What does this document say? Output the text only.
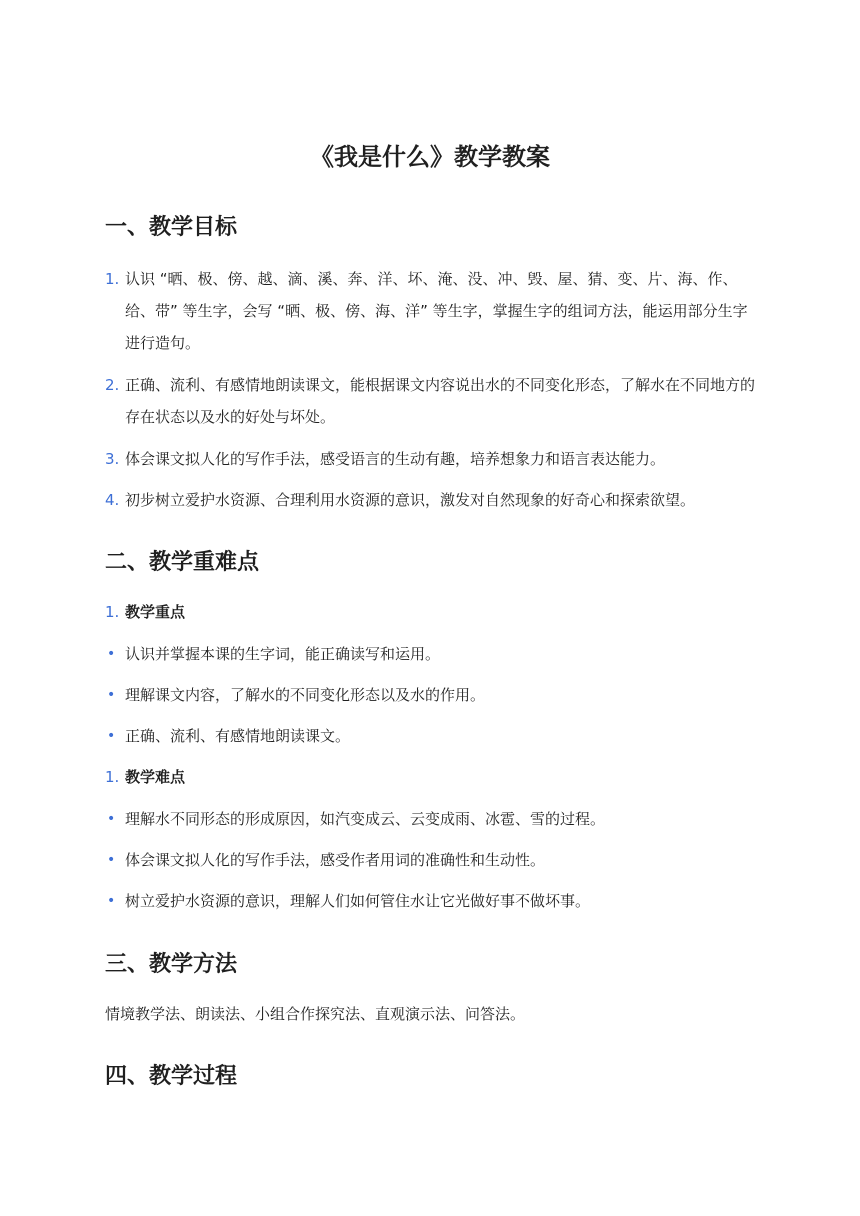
《我是什么》教学教案
一、教学目标
1. 认识 “晒、极、傍、越、滴、溪、奔、洋、坏、淹、没、冲、毁、屋、猜、变、片、海、作、给、带” 等生字，会写 “晒、极、傍、海、洋” 等生字，掌握生字的组词方法，能运用部分生字进行造句。
2. 正确、流利、有感情地朗读课文，能根据课文内容说出水的不同变化形态，了解水在不同地方的存在状态以及水的好处与坏处。
3. 体会课文拟人化的写作手法，感受语言的生动有趣，培养想象力和语言表达能力。
4. 初步树立爱护水资源、合理利用水资源的意识，激发对自然现象的好奇心和探索欲望。
二、教学重难点
1. 教学重点
• 认识并掌握本课的生字词，能正确读写和运用。
• 理解课文内容，了解水的不同变化形态以及水的作用。
• 正确、流利、有感情地朗读课文。
1. 教学难点
• 理解水不同形态的形成原因，如汽变成云、云变成雨、冰雹、雪的过程。
• 体会课文拟人化的写作手法，感受作者用词的准确性和生动性。
• 树立爱护水资源的意识，理解人们如何管住水让它光做好事不做坏事。
三、教学方法
情境教学法、朗读法、小组合作探究法、直观演示法、问答法。
四、教学过程
